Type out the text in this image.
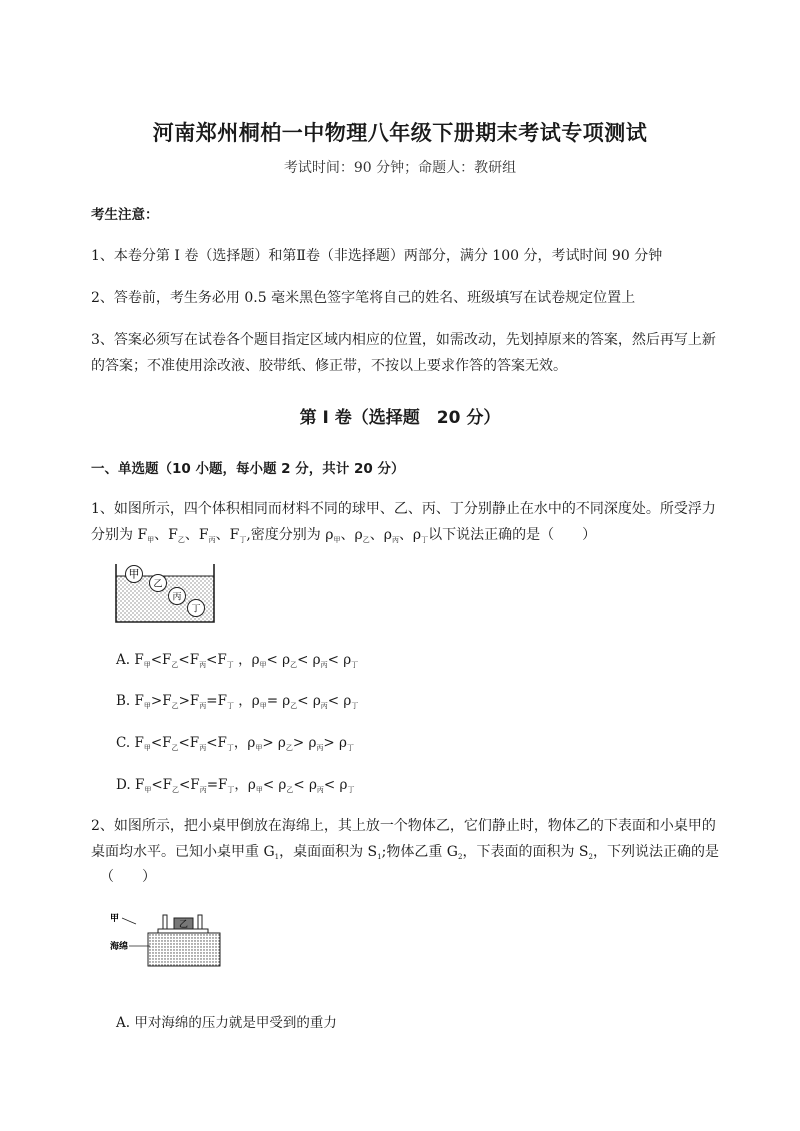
河南郑州桐柏一中物理八年级下册期末考试专项测试
考试时间：90 分钟；命题人：教研组
考生注意：
1、本卷分第 I 卷（选择题）和第Ⅱ卷（非选择题）两部分，满分 100 分，考试时间 90 分钟
2、答卷前，考生务必用 0.5 毫米黑色签字笔将自己的姓名、班级填写在试卷规定位置上
3、答案必须写在试卷各个题目指定区域内相应的位置，如需改动，先划掉原来的答案，然后再写上新
的答案；不准使用涂改液、胶带纸、修正带，不按以上要求作答的答案无效。
第 I 卷（选择题　20 分）
一、单选题（10 小题，每小题 2 分，共计 20 分）
1、如图所示，四个体积相同而材料不同的球甲、乙、丙、丁分别静止在水中的不同深度处。所受浮力
分别为 $F_甲$、$F_乙$、$F_丙$、$F_丁$,密度分别为 $\rho_甲$、$\rho_乙$、$\rho_丙$、$\rho_丁$以下说法正确的是（　　）
甲
乙
丙
丁
A. $F_甲<F_乙<F_丙<F_丁$ ，$\rho_甲< \rho_乙< \rho_丙< \rho_丁$
B. $F_甲>F_乙>F_丙=F_丁$ ，$\rho_甲= \rho_乙< \rho_丙< \rho_丁$
C. $F_甲<F_乙<F_丙<F_丁$，$\rho_甲> \rho_乙> \rho_丙> \rho_丁$
D. $F_甲<F_乙<F_丙=F_丁$，$\rho_甲< \rho_乙< \rho_丙< \rho_丁$
2、如图所示，把小桌甲倒放在海绵上，其上放一个物体乙，它们静止时，物体乙的下表面和小桌甲的
桌面均水平。已知小桌甲重 $G_1$，桌面面积为 $S_1$;物体乙重 $G_2$，下表面的面积为 $S_2$，下列说法正确的是
（　　）
甲
乙
海绵
A. 甲对海绵的压力就是甲受到的重力
